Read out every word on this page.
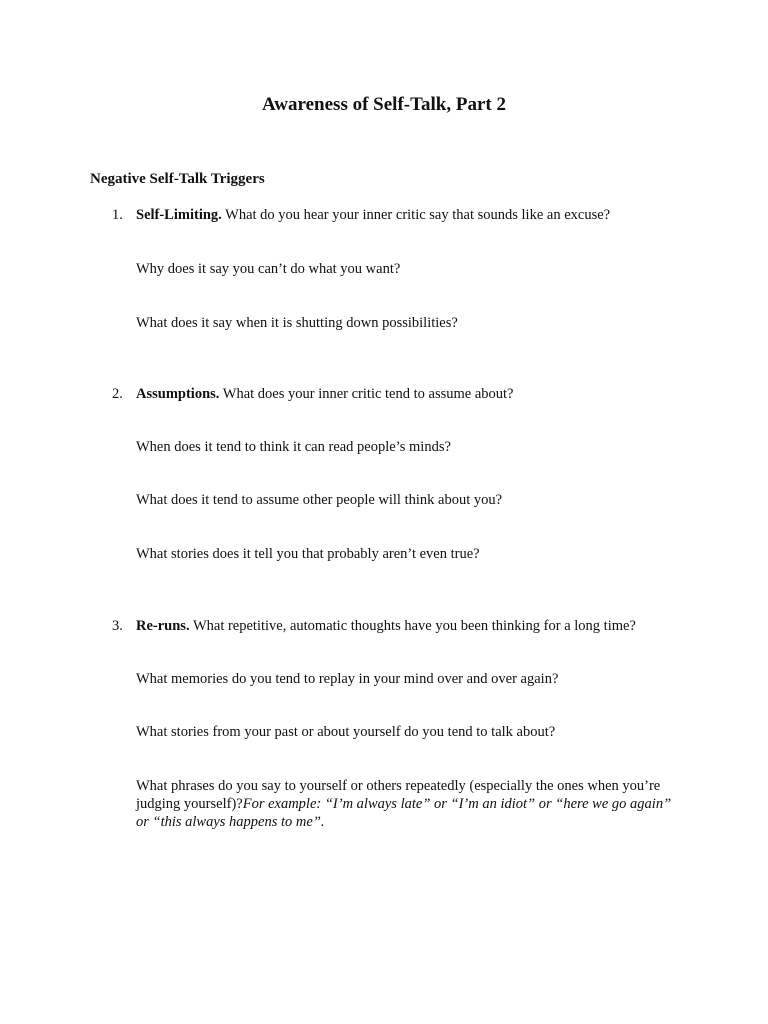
Awareness of Self-Talk, Part 2
Negative Self-Talk Triggers
1. Self-Limiting. What do you hear your inner critic say that sounds like an excuse?
Why does it say you can’t do what you want?
What does it say when it is shutting down possibilities?
2. Assumptions. What does your inner critic tend to assume about?
When does it tend to think it can read people’s minds?
What does it tend to assume other people will think about you?
What stories does it tell you that probably aren’t even true?
3. Re-runs. What repetitive, automatic thoughts have you been thinking for a long time?
What memories do you tend to replay in your mind over and over again?
What stories from your past or about yourself do you tend to talk about?
What phrases do you say to yourself or others repeatedly (especially the ones when you’re judging yourself)?For example: “I’m always late” or “I’m an idiot” or “here we go again” or “this always happens to me”.
